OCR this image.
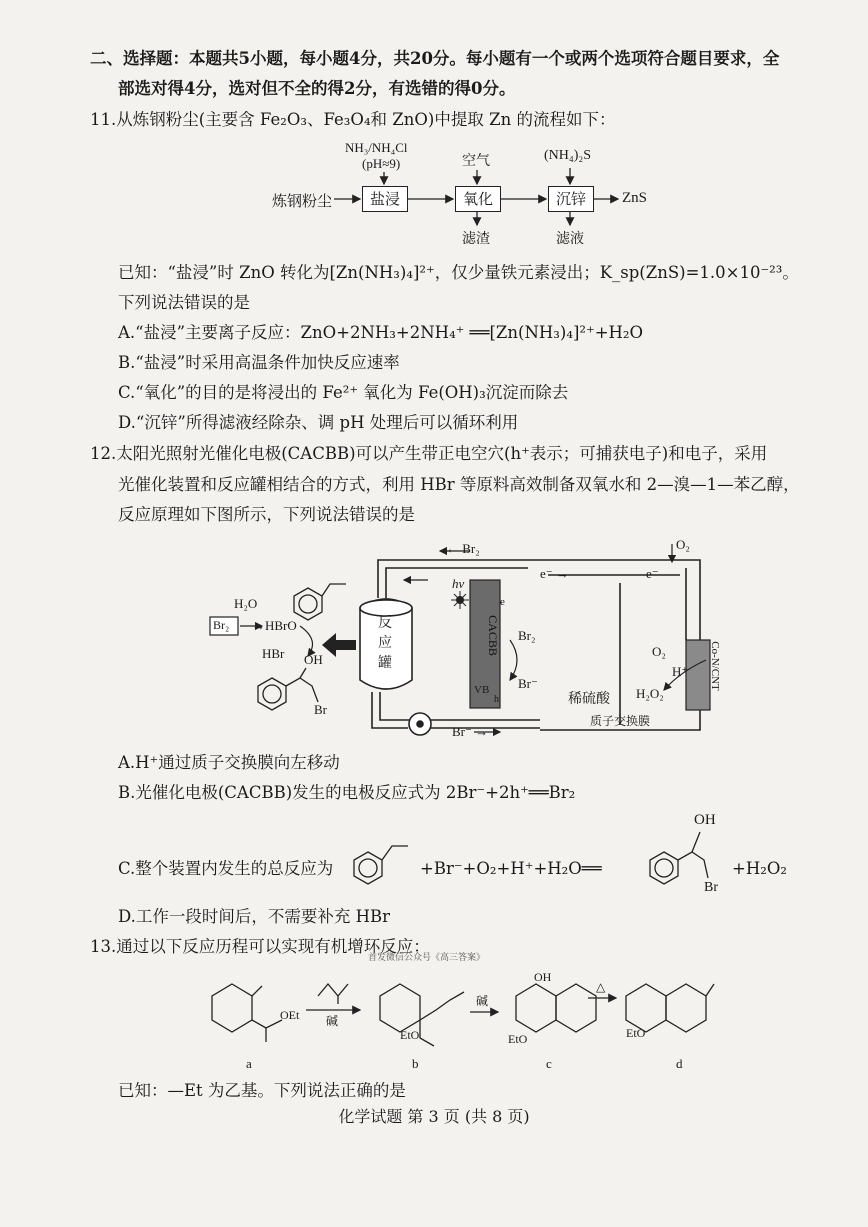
二、选择题：本题共5小题，每小题4分，共20分。每小题有一个或两个选项符合题目要求，全
部选对得4分，选对但不全的得2分，有选错的得0分。
11.从炼钢粉尘(主要含 Fe₂O₃、Fe₃O₄和 ZnO)中提取 Zn 的流程如下：
NH₃/NH₄Cl
(pH≈9)	空气	(NH₄)₂S
炼钢粉尘	盐浸	氧化	沉锌	ZnS
滤渣	滤液
已知：“盐浸”时 ZnO 转化为[Zn(NH₃)₄]²⁺，仅少量铁元素浸出；K_sp(ZnS)=1.0×10⁻²³。
下列说法错误的是
A.“盐浸”主要离子反应：ZnO+2NH₃+2NH₄⁺ ══[Zn(NH₃)₄]²⁺+H₂O
B.“盐浸”时采用高温条件加快反应速率
C.“氧化”的目的是将浸出的 Fe²⁺ 氧化为 Fe(OH)₃沉淀而除去
D.“沉锌”所得滤液经除杂、调 pH 处理后可以循环利用
12.太阳光照射光催化电极(CACBB)可以产生带正电空穴(h⁺表示；可捕获电子)和电子，采用
光催化装置和反应罐相结合的方式，利用 HBr 等原料高效制备双氧水和 2—溴—1—苯乙醇，
反应原理如下图所示，下列说法错误的是
← Br₂	O₂
e⁻ →	e⁻
hν
CACBB
e
VB
h
Br₂
Br⁻
稀硫酸
质子交换膜
Co-N/CNT
O₂
H⁺
H₂O₂
反
应
罐
H₂O
Br₂ →HBrO
HBr OH
Br
Br⁻ →
A.H⁺通过质子交换膜向左移动
B.光催化电极(CACBB)发生的电极反应式为 2Br⁻+2h⁺══Br₂
C.整个装置内发生的总反应为	+Br⁻+O₂+H⁺+H₂O══
OH
Br
+H₂O₂
D.工作一段时间后，不需要补充 HBr
13.通过以下反应历程可以实现有机增环反应：
首发微信公众号《高三答案》
碱
碱
△
OEt
EtO
OH
EtO	EtO
a	b	c	d
已知：—Et 为乙基。下列说法正确的是
化学试题 第 3 页 (共 8 页)
